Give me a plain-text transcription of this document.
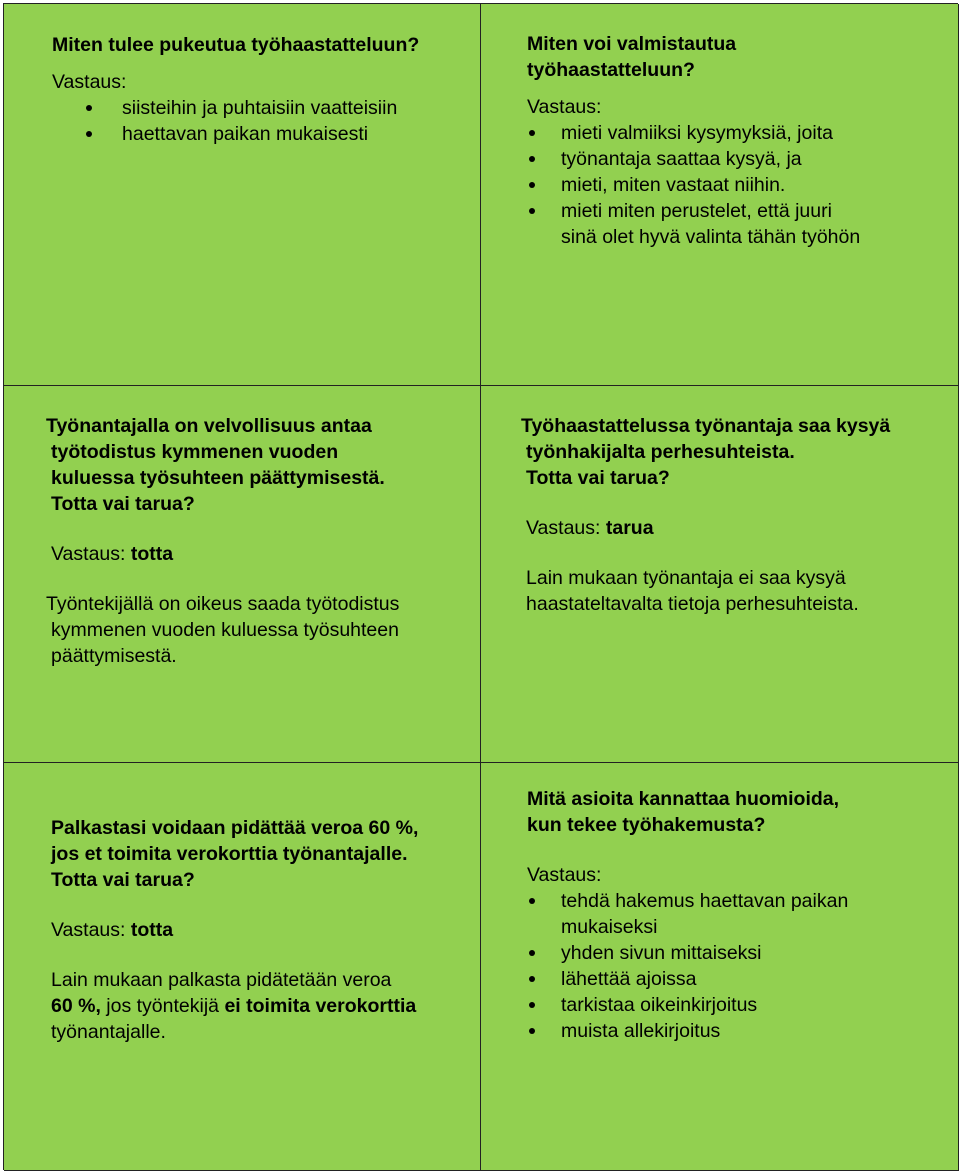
Miten tulee pukeutua työhaastatteluun?

Vastaus:

siisteihin ja puhtaisiin vaatteisiin
haettavan paikan mukaisesti

Miten voi valmistautua

työhaastatteluun?

Vastaus:

mieti valmiiksi kysymyksiä, joita
työnantaja saattaa kysyä, ja
mieti, miten vastaat niihin.
mieti miten perustelet, että juuri sinä olet hyvä valinta tähän työhön

Työnantajalla on velvollisuus antaa

työtodistus kymmenen vuoden

kuluessa työsuhteen päättymisestä.

Totta vai tarua?

Vastaus: totta

Työntekijällä on oikeus saada työtodistus

kymmenen vuoden kuluessa työsuhteen

päättymisestä.

Työhaastattelussa työnantaja saa kysyä

työnhakijalta perhesuhteista.

Totta vai tarua?

Vastaus: tarua

Lain mukaan työnantaja ei saa kysyä

haastateltavalta tietoja perhesuhteista.

Palkastasi voidaan pidättää veroa 60 %,

jos et toimita verokorttia työnantajalle.

Totta vai tarua?

Vastaus: totta

Lain mukaan palkasta pidätetään veroa

60 %, jos työntekijä ei toimita verokorttia

työnantajalle.

Mitä asioita kannattaa huomioida,

kun tekee työhakemusta?

Vastaus:

tehdä hakemus haettavan paikan mukaiseksi
yhden sivun mittaiseksi
lähettää ajoissa
tarkistaa oikeinkirjoitus
muista allekirjoitus
